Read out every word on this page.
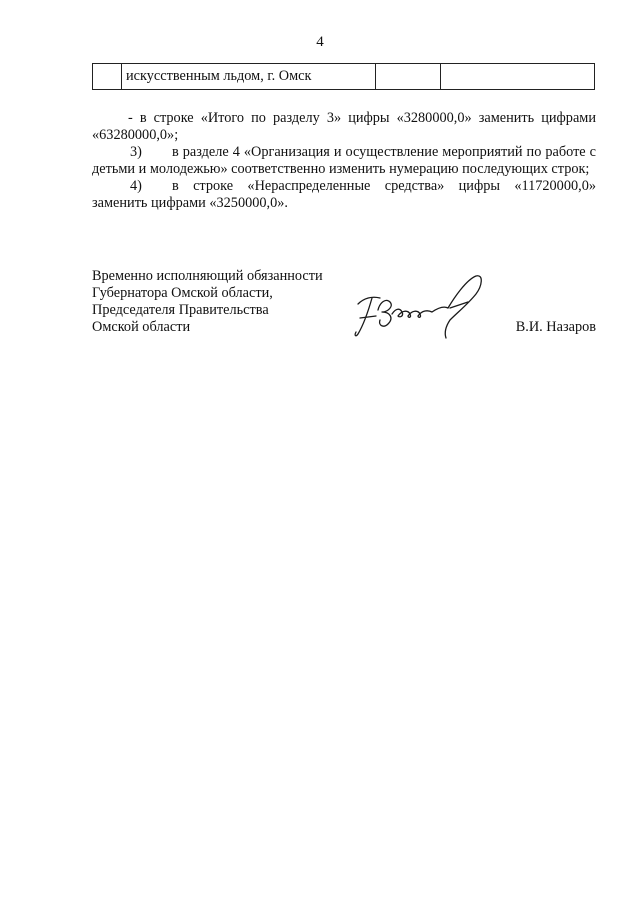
4
	искусственным льдом, г. Омск		

- в строке «Итого по разделу 3» цифры «3280000,0» заменить цифрами «63280000,0»;

3) в разделе 4 «Организация и осуществление мероприятий по работе с детьми и молодежью» соответственно изменить нумерацию последующих строк;

4) в строке «Нераспределенные средства» цифры «11720000,0» заменить цифрами «3250000,0».

Временно исполняющий обязанности
Губернатора Омской области,
Председателя Правительства
Омской области	В.И. Назаров
